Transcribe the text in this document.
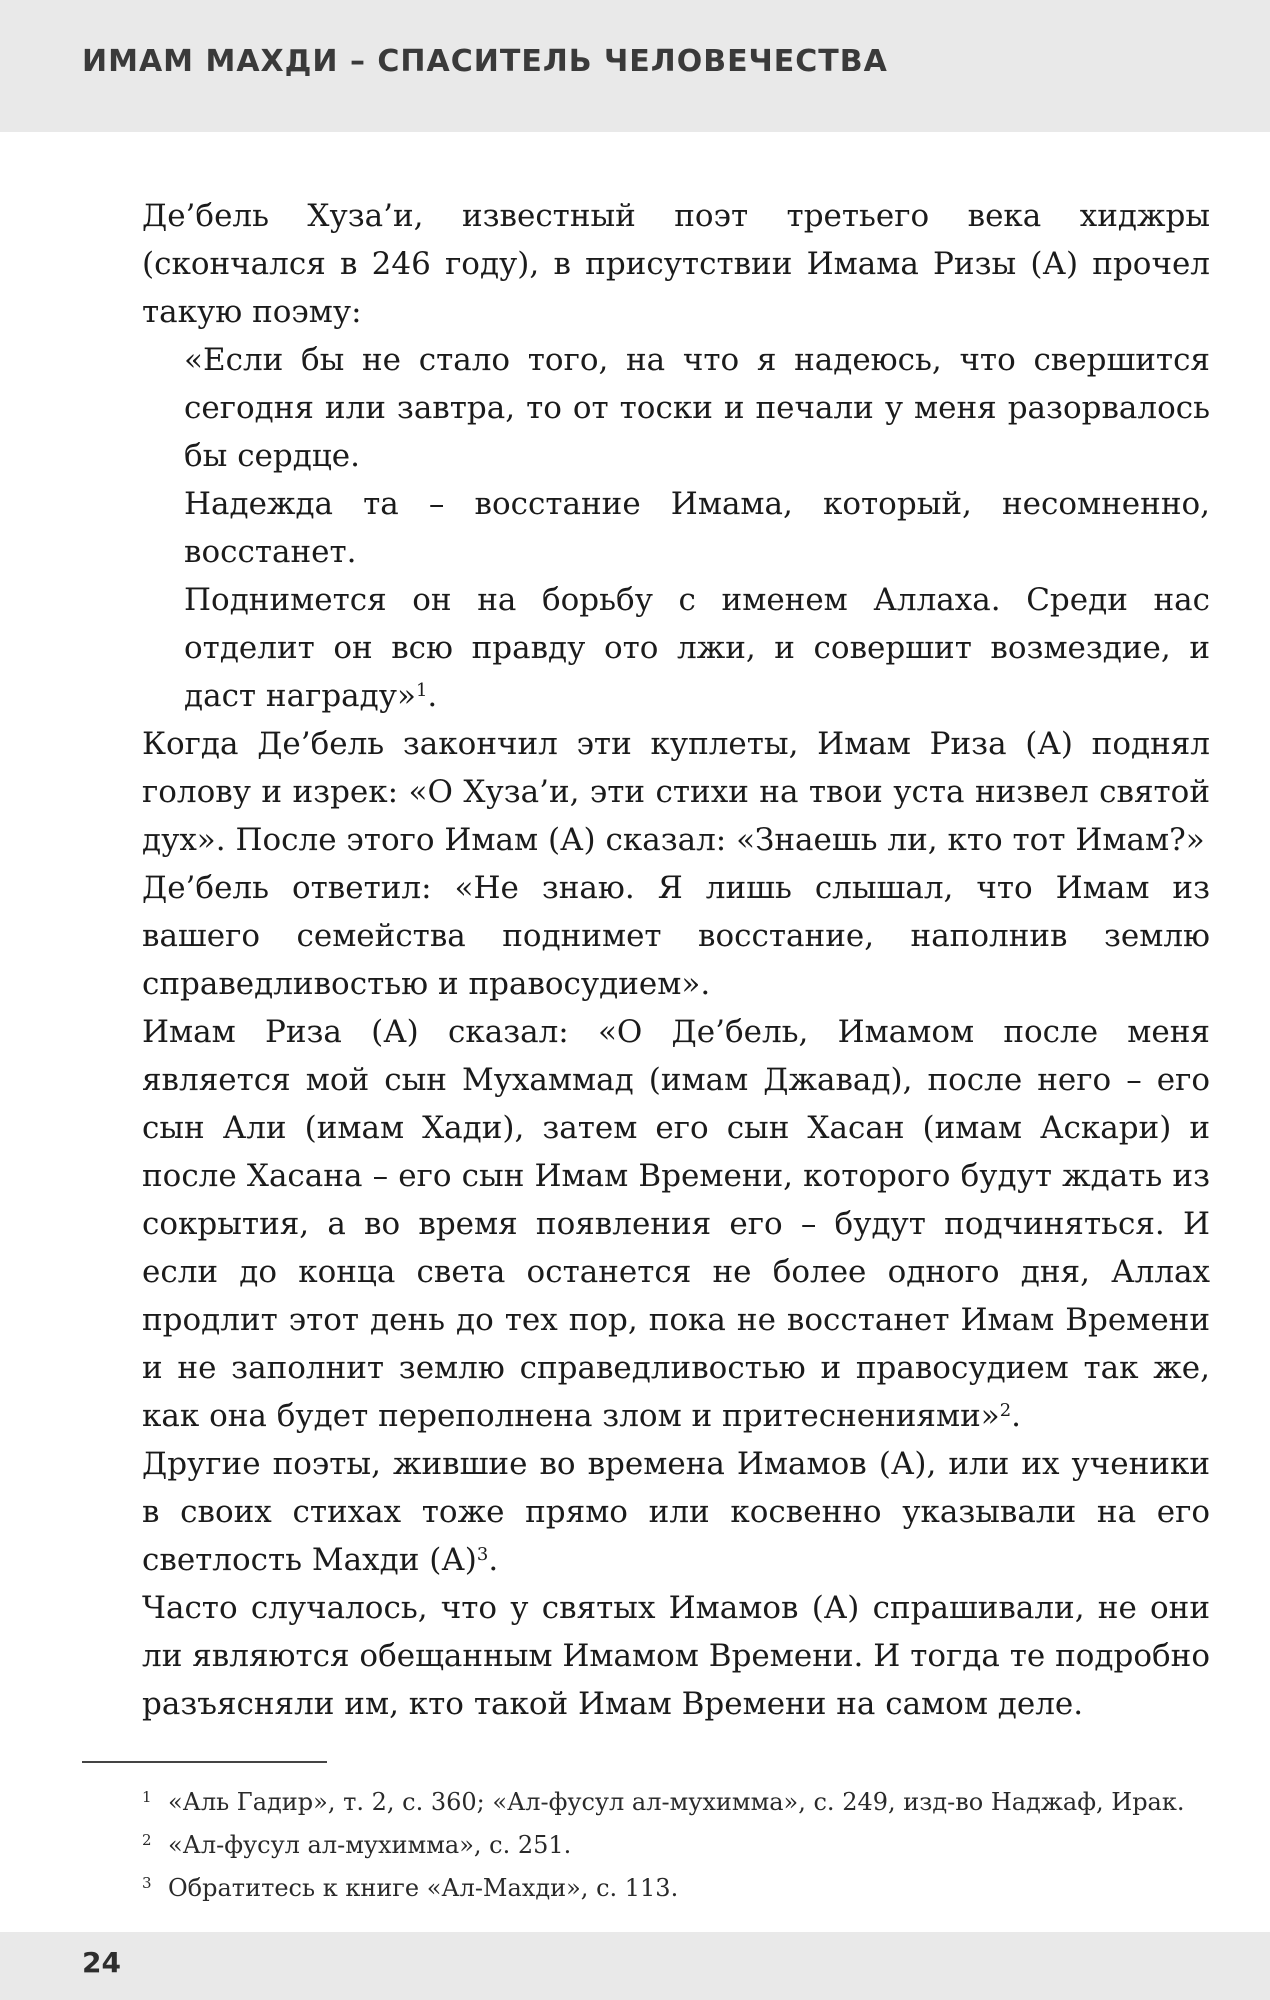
ИМАМ МАХДИ – СПАСИТЕЛЬ ЧЕЛОВЕЧЕСТВА

Де’бель Хуза’и, известный поэт третьего века хиджры (скончался в 246 году), в присутствии Имама Ризы (А) прочел такую поэму:

«Если бы не стало того, на что я надеюсь, что свершится сегодня или завтра, то от тоски и печали у меня разорвалось бы сердце.

Надежда та – восстание Имама, который, несомненно, восстанет.

Поднимется он на борьбу с именем Аллаха. Среди нас отделит он всю правду ото лжи, и совершит возмездие, и даст награду»$^1$.

Когда Де’бель закончил эти куплеты, Имам Риза (А) поднял голову и изрек: «О Хуза’и, эти стихи на твои уста низвел святой дух». После этого Имам (А) сказал: «Знаешь ли, кто тот Имам?»

Де’бель ответил: «Не знаю. Я лишь слышал, что Имам из вашего семейства поднимет восстание, наполнив землю справедливостью и правосудием».

Имам Риза (А) сказал: «О Де’бель, Имамом после меня является мой сын Мухаммад (имам Джавад), после него – его сын Али (имам Хади), затем его сын Хасан (имам Аскари) и после Хасана – его сын Имам Времени, которого будут ждать из сокрытия, а во время появления его – будут подчиняться. И если до конца света останется не более одного дня, Аллах продлит этот день до тех пор, пока не восстанет Имам Времени и не заполнит землю справедливостью и правосудием так же, как она будет переполнена злом и притеснениями»$^2$.

Другие поэты, жившие во времена Имамов (А), или их ученики в своих стихах тоже прямо или косвенно указывали на его светлость Махди $(А)^3$.

Часто случалось, что у святых Имамов (А) спрашивали, не они ли являются обещанным Имамом Времени. И тогда те подробно разъясняли им, кто такой Имам Времени на самом деле.

1 «Аль Гадир», т. 2, с. 360; «Ал-фусул ал-мухимма», с. 249, изд-во Наджаф, Ирак.
2 «Ал-фусул ал-мухимма», с. 251.
3 Обратитесь к книге «Ал-Махди», с. 113.
24
